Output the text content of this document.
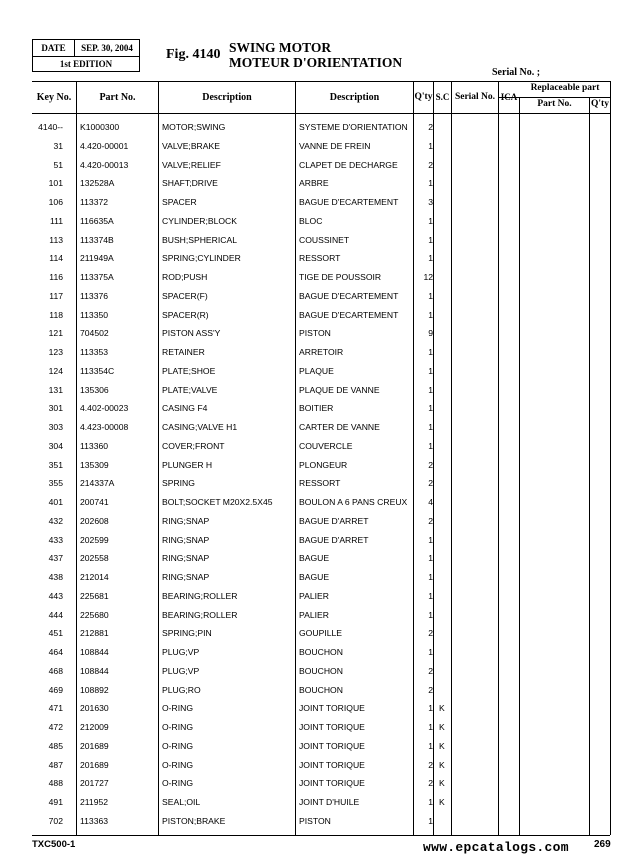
DATE	SEP. 30, 2004
1st EDITION
Fig. 4140 SWING MOTOR
MOTEUR D'ORIENTATION
Serial No. ;
Key No.	Part No.	Description	Description	Q'ty S.C Serial No. ICA
Replaceable part
Part No.	Q'ty
4140-- K1000300	MOTOR;SWING	SYSTEME D'ORIENTATION 2
31 4.420-00001	VALVE;BRAKE	VANNE DE FREIN	1
51 4.420-00013	VALVE;RELIEF	CLAPET DE DECHARGE	2
101 132528A	SHAFT;DRIVE	ARBRE	1
106 113372	SPACER	BAGUE D'ECARTEMENT	3
111 116635A	CYLINDER;BLOCK	BLOC	1
113 113374B	BUSH;SPHERICAL	COUSSINET	1
114 211949A	SPRING;CYLINDER	RESSORT	1
116 113375A	ROD;PUSH	TIGE DE POUSSOIR	12
117 113376	SPACER(F)	BAGUE D'ECARTEMENT	1
118 113350	SPACER(R)	BAGUE D'ECARTEMENT	1
121 704502	PISTON ASS'Y	PISTON	9
123 113353	RETAINER	ARRETOIR	1
124 113354C	PLATE;SHOE	PLAQUE	1
131 135306	PLATE;VALVE	PLAQUE DE VANNE	1
301 4.402-00023	CASING F4	BOITIER	1
303 4.423-00008	CASING;VALVE H1	CARTER DE VANNE	1
304 113360	COVER;FRONT	COUVERCLE	1
351 135309	PLUNGER H	PLONGEUR	2
355 214337A	SPRING	RESSORT	2
401 200741	BOLT;SOCKET M20X2.5X45	BOULON A 6 PANS CREUX 4
432 202608	RING;SNAP	BAGUE D'ARRET	2
433 202599	RING;SNAP	BAGUE D'ARRET	1
437 202558	RING;SNAP	BAGUE	1
438 212014	RING;SNAP	BAGUE	1
443 225681	BEARING;ROLLER	PALIER	1
444 225680	BEARING;ROLLER	PALIER	1
451 212881	SPRING;PIN	GOUPILLE	2
464 108844	PLUG;VP	BOUCHON	1
468 108844	PLUG;VP	BOUCHON	2
469 108892	PLUG;RO	BOUCHON	2
471 201630	O-RING	JOINT TORIQUE	1 K
472 212009	O-RING	JOINT TORIQUE	1 K
485 201689	O-RING	JOINT TORIQUE	1 K
487 201689	O-RING	JOINT TORIQUE	2 K
488 201727	O-RING	JOINT TORIQUE	2 K
491 211952	SEAL;OIL	JOINT D'HUILE	1 K
702 113363	PISTON;BRAKE	PISTON	1
TXC500-1	www.epcatalogs.com	269
